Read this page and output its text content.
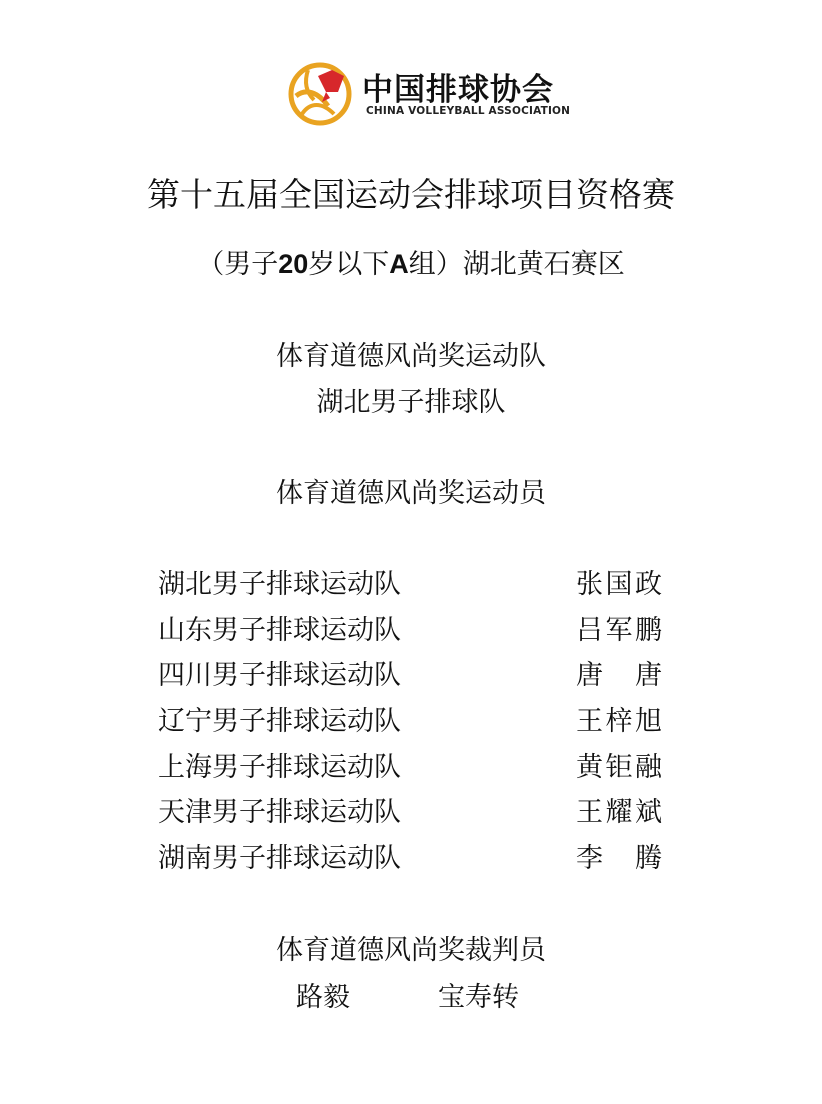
中国排球协会
CHINA VOLLEYBALL ASSOCIATION
第十五届全国运动会排球项目资格赛
（男子20岁以下A组）湖北黄石赛区
体育道德风尚奖运动队
湖北男子排球队
体育道德风尚奖运动员
湖北男子排球运动队	张国政
山东男子排球运动队	吕军鹏
四川男子排球运动队	唐唐
辽宁男子排球运动队	王梓旭
上海男子排球运动队	黄钜融
天津男子排球运动队	王耀斌
湖南男子排球运动队	李腾
体育道德风尚奖裁判员
路毅	宝寿转
